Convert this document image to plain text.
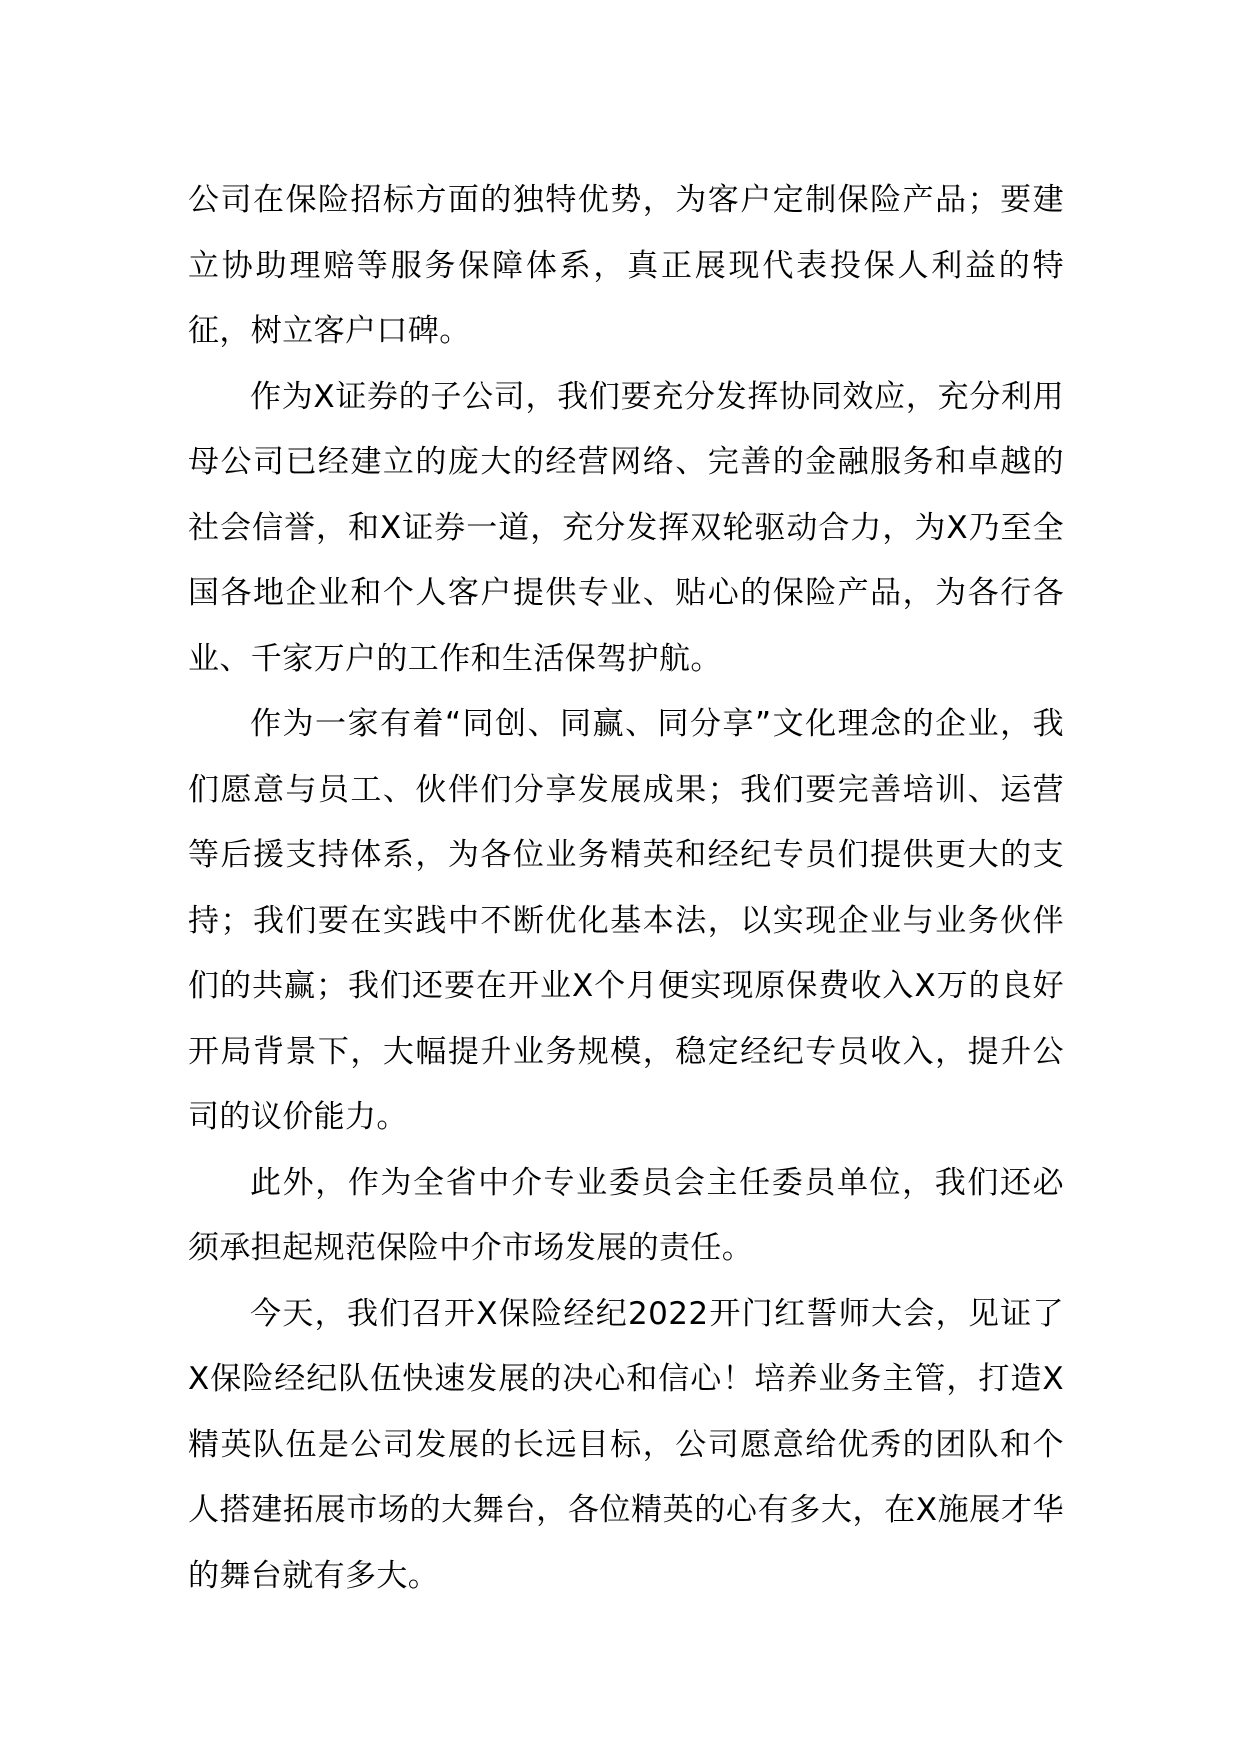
公司在保险招标方面的独特优势，为客户定制保险产品；要建立协助理赔等服务保障体系，真正展现代表投保人利益的特征，树立客户口碑。

作为X证券的子公司，我们要充分发挥协同效应，充分利用母公司已经建立的庞大的经营网络、完善的金融服务和卓越的社会信誉，和X证券一道，充分发挥双轮驱动合力，为X乃至全国各地企业和个人客户提供专业、贴心的保险产品，为各行各业、千家万户的工作和生活保驾护航。

作为一家有着“同创、同赢、同分享”文化理念的企业，我们愿意与员工、伙伴们分享发展成果；我们要完善培训、运营等后援支持体系，为各位业务精英和经纪专员们提供更大的支持；我们要在实践中不断优化基本法，以实现企业与业务伙伴们的共赢；我们还要在开业X个月便实现原保费收入X万的良好开局背景下，大幅提升业务规模，稳定经纪专员收入，提升公司的议价能力。

此外，作为全省中介专业委员会主任委员单位，我们还必须承担起规范保险中介市场发展的责任。

今天，我们召开X保险经纪2022开门红誓师大会，见证了X保险经纪队伍快速发展的决心和信心！培养业务主管，打造X精英队伍是公司发展的长远目标，公司愿意给优秀的团队和个人搭建拓展市场的大舞台，各位精英的心有多大，在X施展才华的舞台就有多大。
